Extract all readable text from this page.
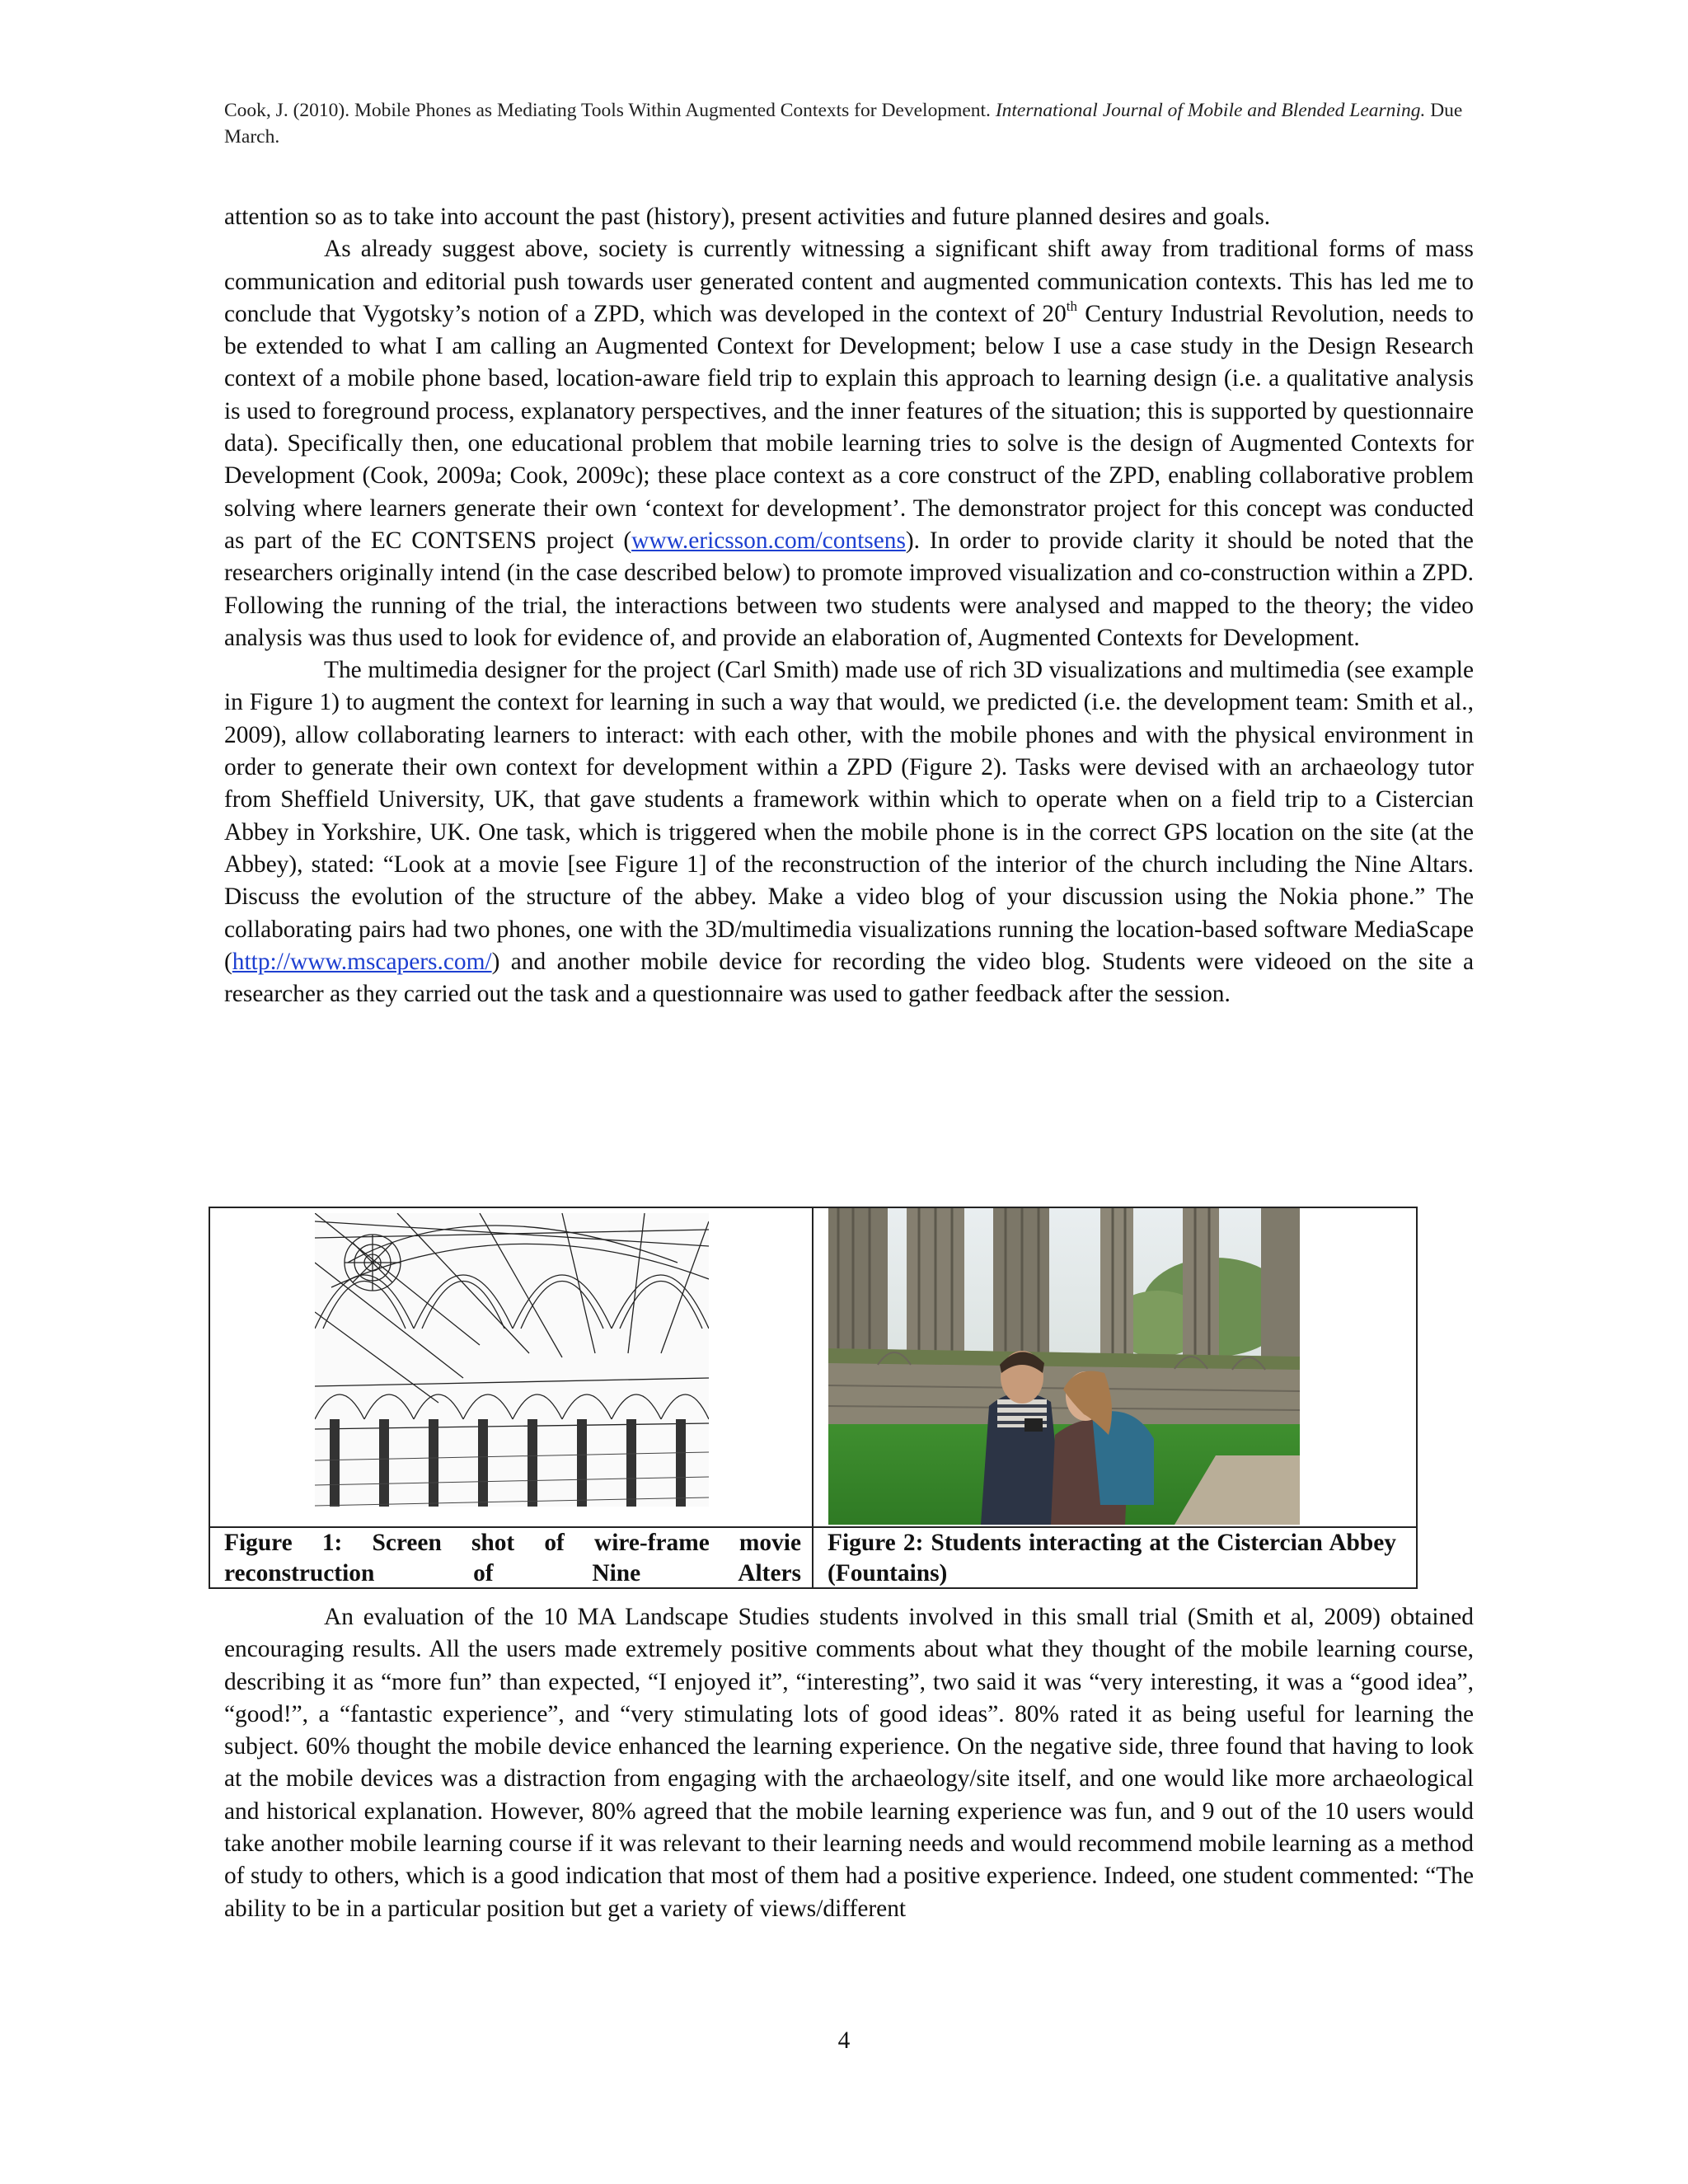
Cook, J. (2010). Mobile Phones as Mediating Tools Within Augmented Contexts for Development. International Journal of Mobile and Blended Learning. Due March.

attention so as to take into account the past (history), present activities and future planned desires and goals.

As already suggest above, society is currently witnessing a significant shift away from traditional forms of mass communication and editorial push towards user generated content and augmented communication contexts. This has led me to conclude that Vygotsky’s notion of a ZPD, which was developed in the context of 20th Century Industrial Revolution, needs to be extended to what I am calling an Augmented Context for Development; below I use a case study in the Design Research context of a mobile phone based, location-aware field trip to explain this approach to learning design (i.e. a qualitative analysis is used to foreground process, explanatory perspectives, and the inner features of the situation; this is supported by questionnaire data). Specifically then, one educational problem that mobile learning tries to solve is the design of Augmented Contexts for Development (Cook, 2009a; Cook, 2009c); these place context as a core construct of the ZPD, enabling collaborative problem solving where learners generate their own ‘context for development’. The demonstrator project for this concept was conducted as part of the EC CONTSENS project (www.ericsson.com/contsens). In order to provide clarity it should be noted that the researchers originally intend (in the case described below) to promote improved visualization and co-construction within a ZPD. Following the running of the trial, the interactions between two students were analysed and mapped to the theory; the video analysis was thus used to look for evidence of, and provide an elaboration of, Augmented Contexts for Development.

The multimedia designer for the project (Carl Smith) made use of rich 3D visualizations and multimedia (see example in Figure 1) to augment the context for learning in such a way that would, we predicted (i.e. the development team: Smith et al., 2009), allow collaborating learners to interact: with each other, with the mobile phones and with the physical environment in order to generate their own context for development within a ZPD (Figure 2). Tasks were devised with an archaeology tutor from Sheffield University, UK, that gave students a framework within which to operate when on a field trip to a Cistercian Abbey in Yorkshire, UK. One task, which is triggered when the mobile phone is in the correct GPS location on the site (at the Abbey), stated: “Look at a movie [see Figure 1] of the reconstruction of the interior of the church including the Nine Altars. Discuss the evolution of the structure of the abbey. Make a video blog of your discussion using the Nokia phone.” The collaborating pairs had two phones, one with the 3D/multimedia visualizations running the location-based software MediaScape (http://www.mscapers.com/) and another mobile device for recording the video blog. Students were videoed on the site a researcher as they carried out the task and a questionnaire was used to gather feedback after the session.

Figure 1: Screen shot of wire-frame movie reconstruction of Nine Alters
Figure 2: Students interacting at the Cistercian Abbey (Fountains)

An evaluation of the 10 MA Landscape Studies students involved in this small trial (Smith et al, 2009) obtained encouraging results. All the users made extremely positive comments about what they thought of the mobile learning course, describing it as “more fun” than expected, “I enjoyed it”, “interesting”, two said it was “very interesting, it was a “good idea”, “good!”, a “fantastic experience”, and “very stimulating lots of good ideas”. 80% rated it as being useful for learning the subject. 60% thought the mobile device enhanced the learning experience. On the negative side, three found that having to look at the mobile devices was a distraction from engaging with the archaeology/site itself, and one would like more archaeological and historical explanation. However, 80% agreed that the mobile learning experience was fun, and 9 out of the 10 users would take another mobile learning course if it was relevant to their learning needs and would recommend mobile learning as a method of study to others, which is a good indication that most of them had a positive experience. Indeed, one student commented: “The ability to be in a particular position but get a variety of views/different

4
